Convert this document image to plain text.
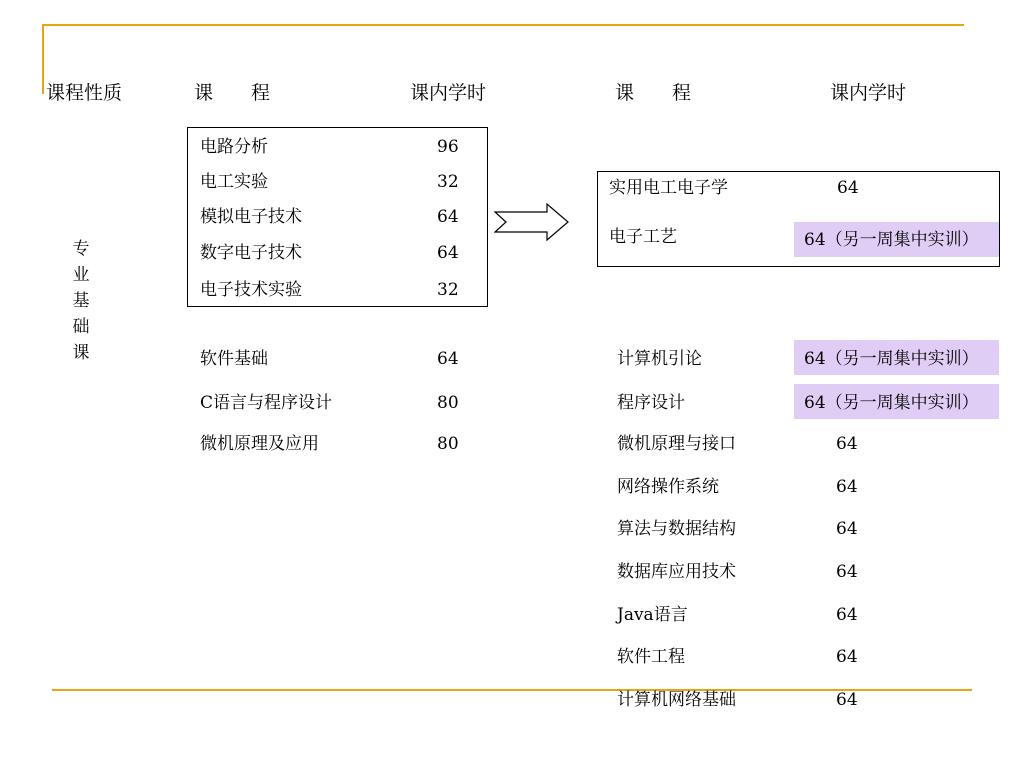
课程性质	课　　程	课内学时	课　　程	课内学时
专
业
基
础
课
电路分析	96
电工实验	32
模拟电子技术	64
数字电子技术	64
电子技术实验	32
实用电工电子学	64
电子工艺	64（另一周集中实训）
软件基础	64
C语言与程序设计	80
微机原理及应用	80
计算机引论	64（另一周集中实训）
程序设计	64（另一周集中实训）
微机原理与接口	64
网络操作系统	64
算法与数据结构	64
数据库应用技术	64
Java语言	64
软件工程	64
计算机网络基础	64
